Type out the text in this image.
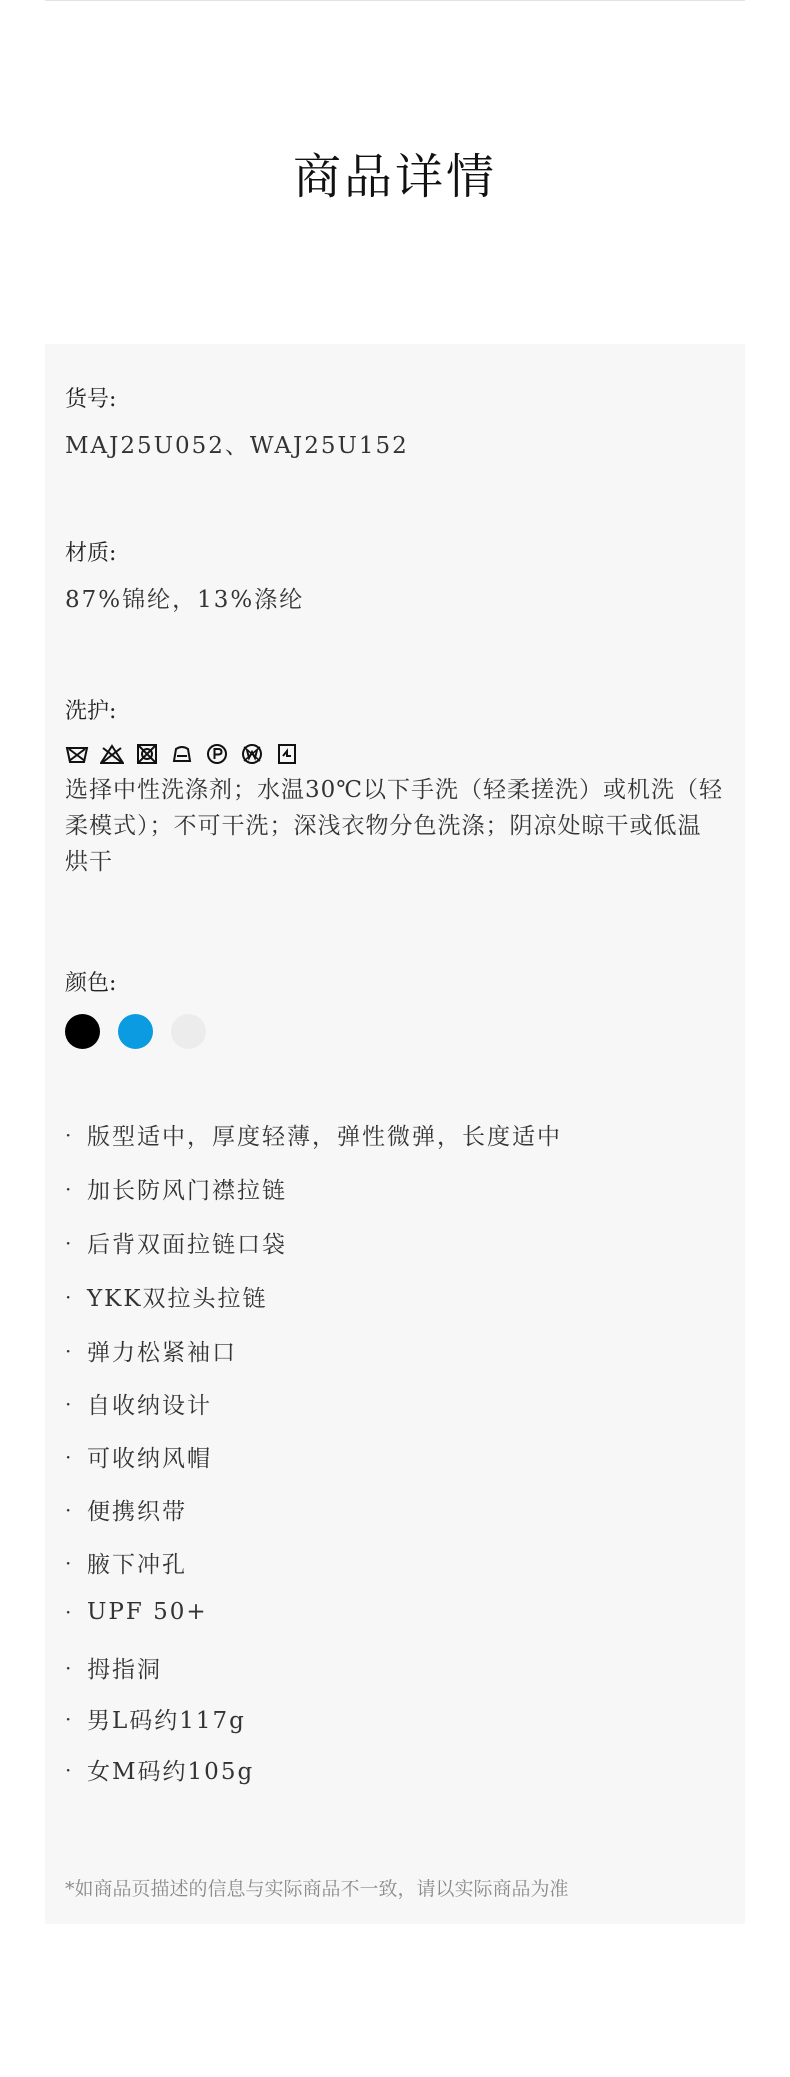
商品详情
货号:
MAJ25U052、WAJ25U152
材质:
87%锦纶，13%涤纶
洗护:
选择中性洗涤剂；水温30℃以下手洗（轻柔搓洗）或机洗（轻柔模式）；不可干洗；深浅衣物分色洗涤；阴凉处晾干或低温烘干
颜色:
· 版型适中，厚度轻薄，弹性微弹，长度适中
· 加长防风门襟拉链
· 后背双面拉链口袋
· YKK双拉头拉链
· 弹力松紧袖口
· 自收纳设计
· 可收纳风帽
· 便携织带
· 腋下冲孔
· UPF 50+
· 拇指洞
· 男L码约117g
· 女M码约105g
*如商品页描述的信息与实际商品不一致，请以实际商品为准
